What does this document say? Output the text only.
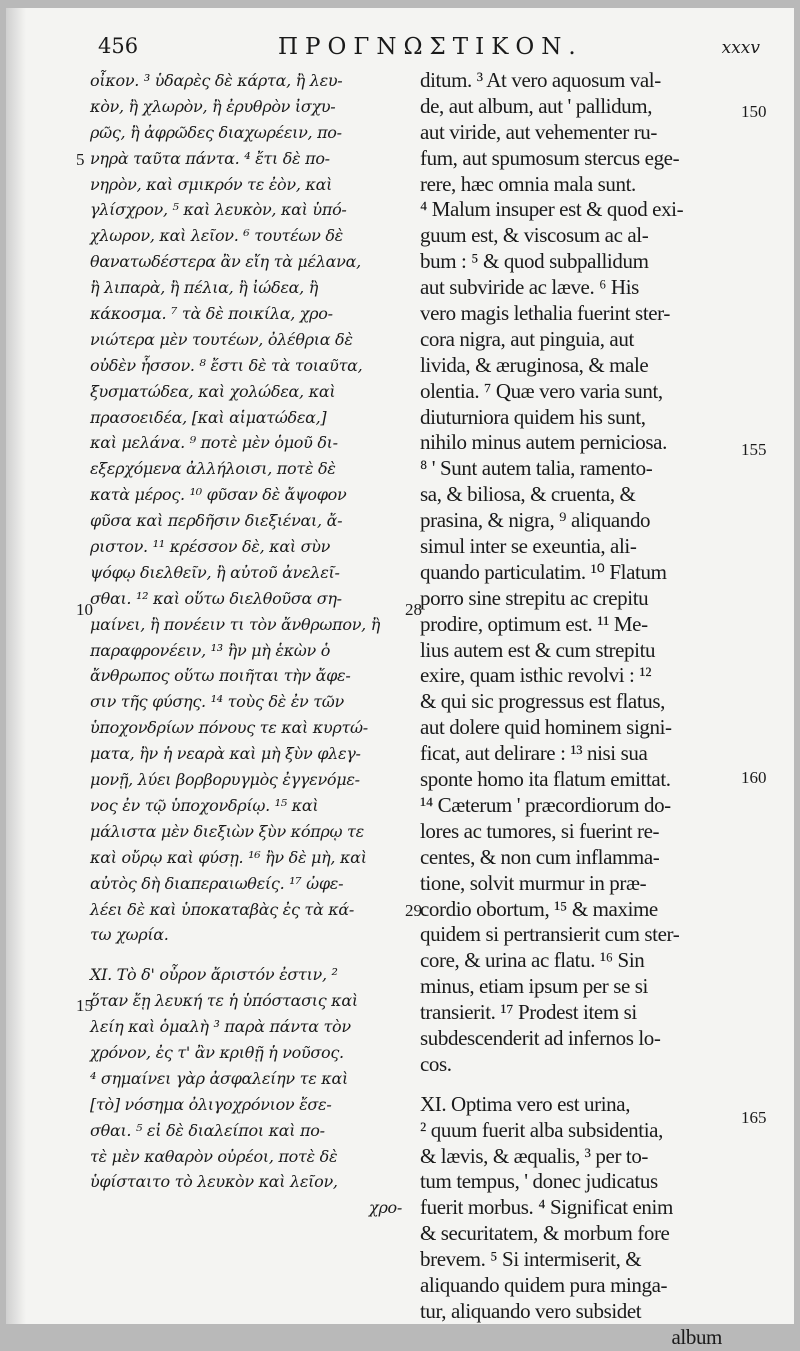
456	ΠΡΟΓΝΩΣΤΙΚΟΝ.	xxxv
οἶκον. ³ ὑδαρὲς δὲ κάρτα, ἢ λευ-
κὸν, ἢ χλωρὸν, ἢ ἐρυθρὸν ἰσχυ-
ρῶς, ἢ ἀφρῶδες διαχωρέειν, πο-
νηρὰ ταῦτα πάντα. ⁴ ἔτι δὲ πο-
νηρὸν, καὶ σμικρόν τε ἐὸν, καὶ
γλίσχρον, ⁵ καὶ λευκὸν, καὶ ὑπό-
χλωρον, καὶ λεῖον. ⁶ τουτέων δὲ
θανατωδέστερα ἂν εἴη τὰ μέλανα,
ἢ λιπαρὰ, ἢ πέλια, ἢ ἰώδεα, ἢ
κάκοσμα. ⁷ τὰ δὲ ποικίλα, χρο-
νιώτερα μὲν τουτέων, ὀλέθρια δὲ
οὐδὲν ἧσσον. ⁸ ἔστι δὲ τὰ τοιαῦτα,
ξυσματώδεα, καὶ χολώδεα, καὶ
πρασοειδέα, [καὶ αἱματώδεα,]
καὶ μελάνα. ⁹ ποτὲ μὲν ὁμοῦ δι-
εξερχόμενα ἀλλήλοισι, ποτὲ δὲ
κατὰ μέρος. ¹⁰ φῦσαν δὲ ἄψοφον
φῦσα καὶ περδῆσιν διεξιέναι, ἄ-
ριστον. ¹¹ κρέσσον δὲ, καὶ σὺν
ψόφῳ διελθεῖν, ἢ αὐτοῦ ἀνελεῖ-
σθαι. ¹² καὶ οὕτω διελθοῦσα ση-
μαίνει, ἢ πονέειν τι τὸν ἄνθρωπον, ἢ
παραφρονέειν, ¹³ ἢν μὴ ἑκὼν ὁ
ἄνθρωπος οὕτω ποιῆται τὴν ἄφε-
σιν τῆς φύσης. ¹⁴ τοὺς δὲ ἐν τῶν
ὑποχονδρίων πόνους τε καὶ κυρτώ-
ματα, ἢν ἡ νεαρὰ καὶ μὴ ξὺν φλεγ-
μονῇ, λύει βορβορυγμὸς ἐγγενόμε-
νος ἐν τῷ ὑποχονδρίῳ. ¹⁵ καὶ
μάλιστα μὲν διεξιὼν ξὺν κόπρῳ τε
καὶ οὔρῳ καὶ φύσῃ. ¹⁶ ἢν δὲ μὴ, καὶ
αὐτὸς δὴ διαπεραιωθείς. ¹⁷ ὠφε-
λέει δὲ καὶ ὑποκαταβὰς ἐς τὰ κά-
τω χωρία.
XI. Τὸ δ' οὖρον ἄριστόν ἐστιν, ²
ὅταν ἔῃ λευκή τε ἡ ὑπόστασις καὶ
λείη καὶ ὁμαλὴ ³ παρὰ πάντα τὸν
χρόνον, ἐς τ' ἂν κριθῇ ἡ νοῦσος.
⁴ σημαίνει γὰρ ἀσφαλείην τε καὶ
[τὸ] νόσημα ὀλιγοχρόνιον ἔσε-
σθαι. ⁵ εἰ δὲ διαλείποι καὶ πο-
τὲ μὲν καθαρὸν οὐρέοι, ποτὲ δὲ
ὑφίσταιτο τὸ λευκὸν καὶ λεῖον,
χρο-
ditum. ³ At vero aquosum val-
de, aut album, aut ' pallidum,
aut viride, aut vehementer ru-
fum, aut spumosum stercus ege-
rere, hæc omnia mala sunt.
⁴ Malum insuper est & quod exi-
guum est, & viscosum ac al-
bum : ⁵ & quod subpallidum
aut subviride ac læve. ⁶ His
vero magis lethalia fuerint ster-
cora nigra, aut pinguia, aut
livida, & æruginosa, & male
olentia. ⁷ Quæ vero varia sunt,
diuturniora quidem his sunt,
nihilo minus autem perniciosa.
⁸ ' Sunt autem talia, ramento-
sa, & biliosa, & cruenta, &
prasina, & nigra, ⁹ aliquando
simul inter se exeuntia, ali-
quando particulatim. ¹⁰ Flatum
porro sine strepitu ac crepitu
prodire, optimum est. ¹¹ Me-
lius autem est & cum strepitu
exire, quam isthic revolvi : ¹²
& qui sic progressus est flatus,
aut dolere quid hominem signi-
ficat, aut delirare : ¹³ nisi sua
sponte homo ita flatum emittat.
¹⁴ Cæterum ' præcordiorum do-
lores ac tumores, si fuerint re-
centes, & non cum inflamma-
tione, solvit murmur in præ-
cordio obortum, ¹⁵ & maxime
quidem si pertransierit cum ster-
core, & urina ac flatu. ¹⁶ Sin
minus, etiam ipsum per se si
transierit. ¹⁷ Prodest item si
subdescenderit ad infernos lo-
cos.
XI. Optima vero est urina,
² quum fuerit alba subsidentia,
& lævis, & æqualis, ³ per to-
tum tempus, ' donec judicatus
fuerit morbus. ⁴ Significat enim
& securitatem, & morbum fore
brevem. ⁵ Si intermiserit, &
aliquando quidem pura minga-
tur, aliquando vero subsidet
album
5
10
15
28
29
150
155
160
165
